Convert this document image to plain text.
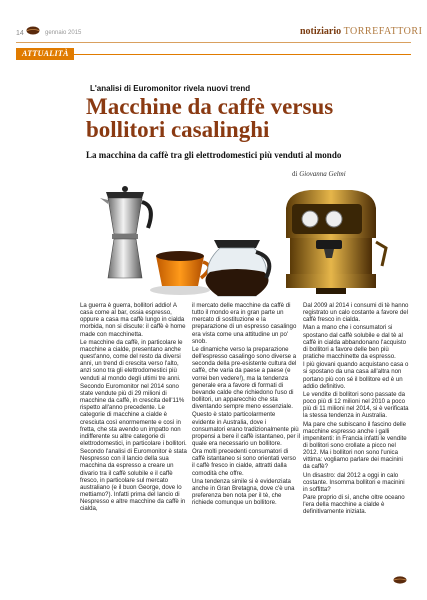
14	gennaio 2015	notiziario TORREFATTORI
ATTUALITÀ
L'analisi di Euromonitor rivela nuovi trend
Macchine da caffè versus bollitori casalinghi
La macchina da caffè tra gli elettrodomestici più venduti al mondo
di Giovanna Gelmi

La guerra è guerra, bollitori addio! A casa come al bar, ossia espresso, oppure a casa ma caffè lungo in cialda morbida, non si discute: il caffè è home made con macchinetta.

Le macchine da caffè, in particolare le macchine a cialde, presentano anche quest'anno, come del resto da diversi anni, un trend di crescita verso l'alto, anzi sono tra gli elettrodomestici più venduti al mondo degli ultimi tre anni.

Secondo Euromonitor nel 2014 sono state vendute più di 29 milioni di macchine da caffè, in crescita dell'11% rispetto all'anno precedente. Le categorie di macchine a cialde è cresciuta così enormemente e così in fretta, che sta avendo un impatto non indifferente su altre categorie di elettrodomestici, in particolare i bollitori.

Secondo l'analisi di Euromonitor è stata Nespresso con il lancio della sua macchina da espresso a creare un divario tra il caffè solubile e il caffè fresco, in particolare sul mercato australiano (e il buon George, dove lo mettiamo?). Infatti prima del lancio di Nespresso e altre macchine da caffè in cialda,

il mercato delle macchine da caffè di tutto il mondo era in gran parte un mercato di sostituzione e la preparazione di un espresso casalingo era vista come una attitudine un po' snob.

Le dinamiche verso la preparazione dell'espresso casalingo sono diverse a seconda della pre-esistente cultura del caffè, che varia da paese a paese (e vorrei ben vedere!), ma la tendenza generale era a favore di formati di bevande calde che richiedono l'uso di bollitori, un apparecchio che sta diventando sempre meno essenziale.

Questo è stato particolarmente evidente in Australia, dove i consumatori erano tradizionalmente più propensi a bere il caffè istantaneo, per il quale era necessario un bollitore.

Ora molti precedenti consumatori di caffè istantaneo si sono orientati verso il caffè fresco in cialde, attratti dalla comodità che offre.

Una tendenza simile si è evidenziata anche in Gran Bretagna, dove c'è una preferenza ben nota per il tè, che richiede comunque un bollitore.

Dal 2009 al 2014 i consumi di tè hanno registrato un calo costante a favore del caffè fresco in cialda.

Man a mano che i consumatori si spostano dal caffè solubile e dal tè al caffè in cialda abbandonano l'acquisto di bollitori a favore delle ben più pratiche macchinette da espresso.

I più giovani quando acquistano casa o si spostano da una casa all'altra non portano più con sé il bollitore ed è un addio definitivo.

Le vendite di bollitori sono passate da poco più di 12 milioni nel 2010 a poco più di 11 milioni nel 2014, si è verificata la stessa tendenza in Australia.

Ma pare che subiscano il fascino delle macchine espresso anche i galli impenitenti: in Francia infatti le vendite di bollitori sono crollate a picco nel 2012. Ma i bollitori non sono l'unica vittima: vogliamo parlare dei macinini da caffè?

Un disastro: dal 2012 a oggi in calo costante. Insomma bollitori e macinini in soffitta?

Pare proprio di sì, anche oltre oceano l'era della macchine a cialde è definitivamente iniziata.
